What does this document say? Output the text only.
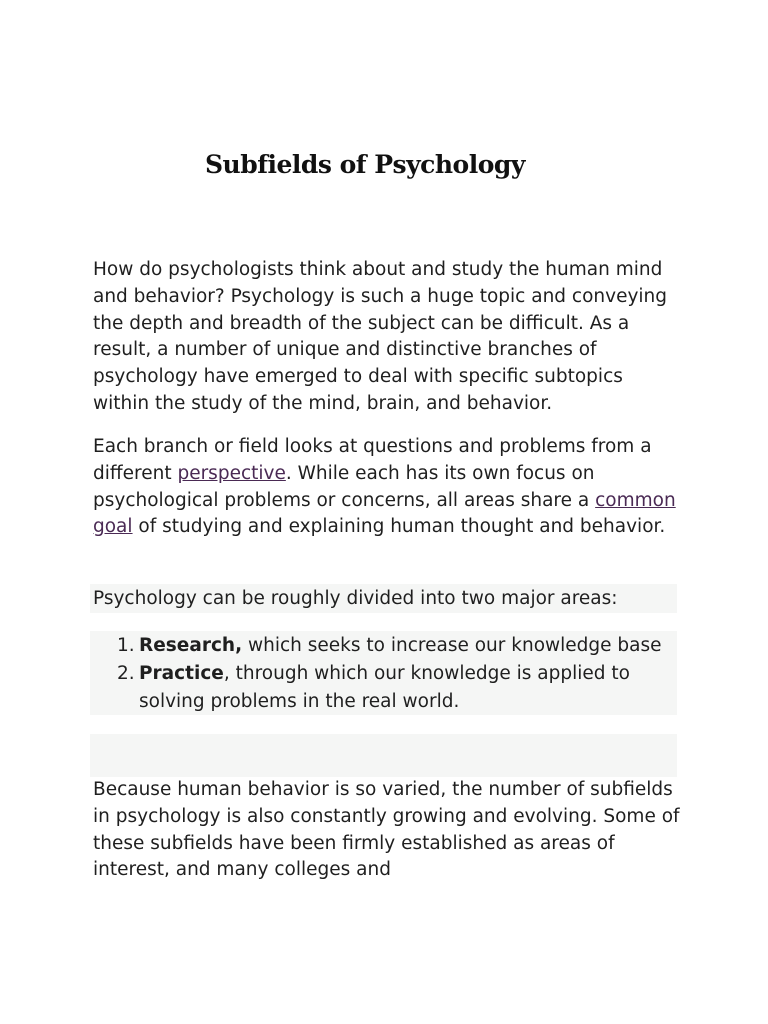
Subfields of Psychology

How do psychologists think about and study the human mind and behavior? Psychology is such a huge topic and conveying the depth and breadth of the subject can be difficult. As a result, a number of unique and distinctive branches of psychology have emerged to deal with specific subtopics within the study of the mind, brain, and behavior.

Each branch or field looks at questions and problems from a different perspective. While each has its own focus on psychological problems or concerns, all areas share a common goal of studying and explaining human thought and behavior.

Psychology can be roughly divided into two major areas:

1. Research, which seeks to increase our knowledge base
2. Practice, through which our knowledge is applied to solving problems in the real world.

Because human behavior is so varied, the number of subfields in psychology is also constantly growing and evolving. Some of these subfields have been firmly established as areas of interest, and many colleges and
